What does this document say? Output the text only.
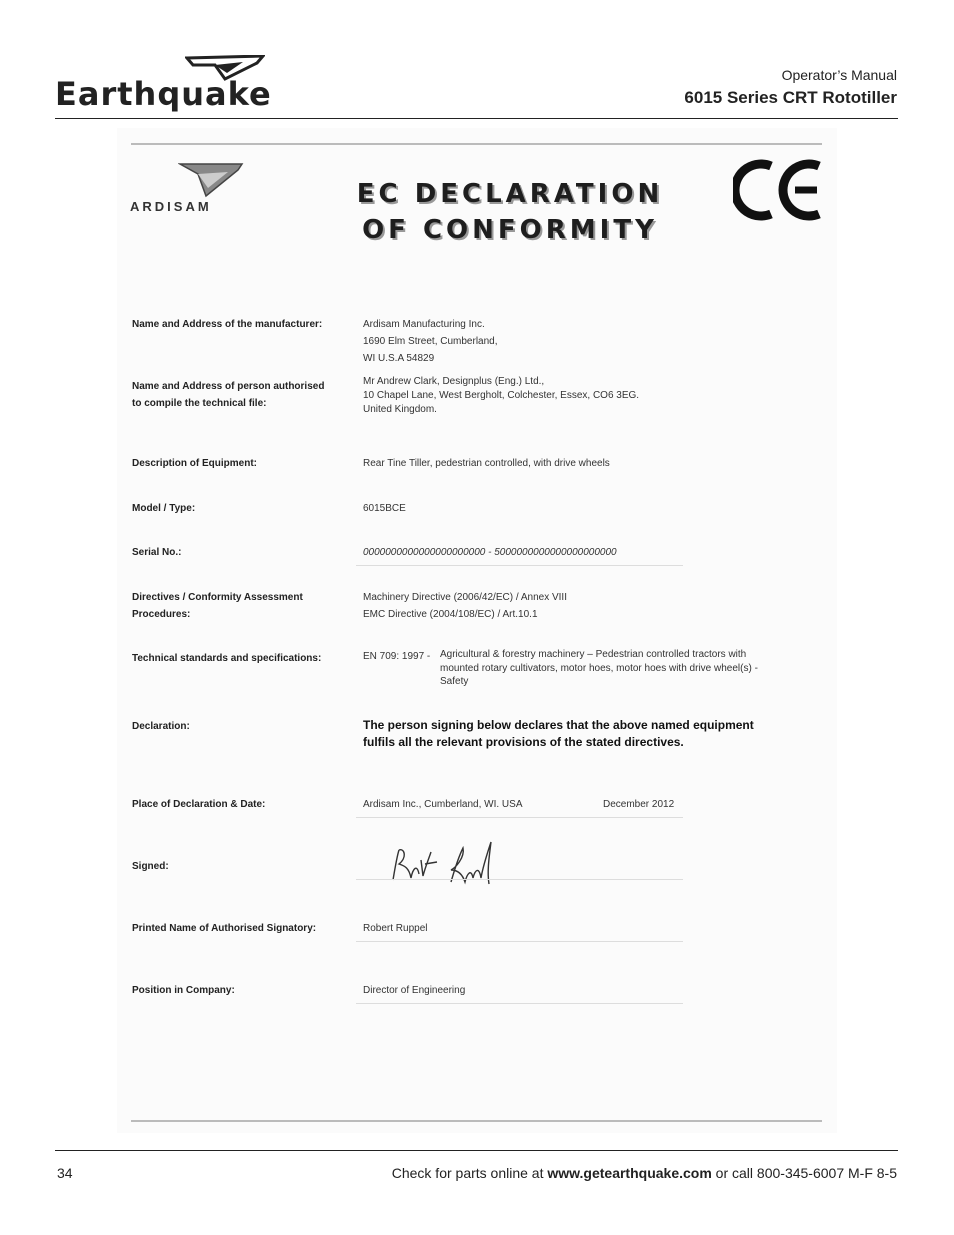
Earthquake	Operator’s Manual
6015 Series CRT Rototiller
ARDISAM	EC DECLARATION
OF CONFORMITY
Name and Address of the manufacturer:	Ardisam Manufacturing Inc.
1690 Elm Street, Cumberland,
WI U.S.A 54829
Name and Address of person authorised
to compile the technical file:
Mr Andrew Clark, Designplus (Eng.) Ltd.,
10 Chapel Lane, West Bergholt, Colchester, Essex, CO6 3EG.
United Kingdom.
Description of Equipment:	Rear Tine Tiller, pedestrian controlled, with drive wheels
Model / Type:	6015BCE
Serial No.:	0000000000000000000000 - 5000000000000000000000
Directives / Conformity Assessment
Procedures:
Machinery Directive (2006/42/EC) / Annex VIII
EMC Directive (2004/108/EC) / Art.10.1
Technical standards and specifications:	EN 709: 1997 - Agricultural & forestry machinery – Pedestrian controlled tractors with
mounted rotary cultivators, motor hoes, motor hoes with drive wheel(s) -
Safety
Declaration:	The person signing below declares that the above named equipment
fulfils all the relevant provisions of the stated directives.
Place of Declaration & Date:	Ardisam Inc., Cumberland, WI. USA	December 2012
Signed:
Printed Name of Authorised Signatory:	Robert Ruppel
Position in Company:	Director of Engineering
34	Check for parts online at www.getearthquake.com or call 800-345-6007 M-F 8-5
